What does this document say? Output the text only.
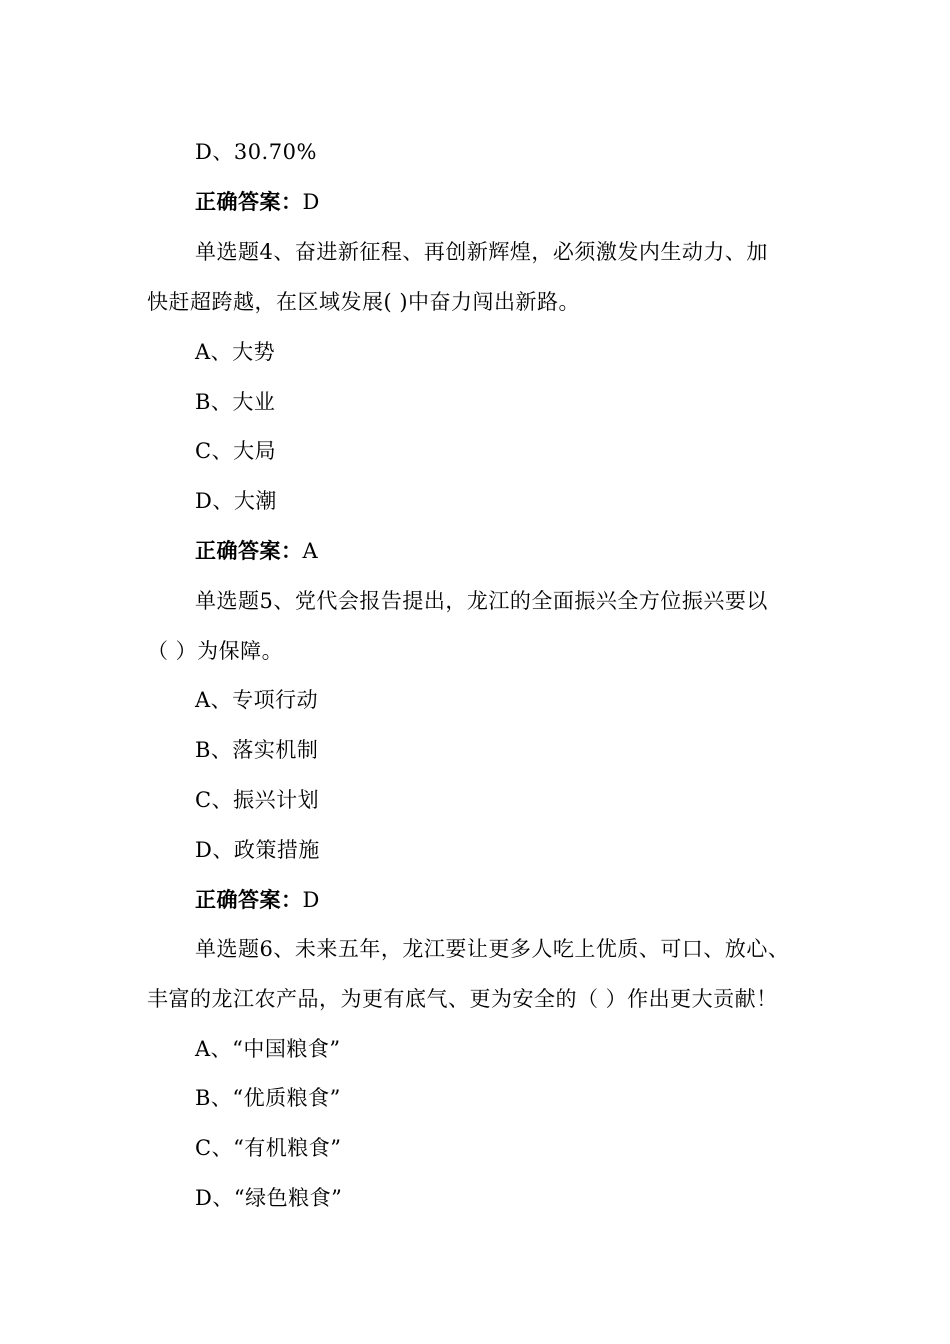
D、30.70%
正确答案：D
单选题4、奋进新征程、再创新辉煌，必须激发内生动力、加
快赶超跨越，在区域发展( )中奋力闯出新路。
A、大势
B、大业
C、大局
D、大潮
正确答案：A
单选题5、党代会报告提出，龙江的全面振兴全方位振兴要以
（ ）为保障。
A、专项行动
B、落实机制
C、振兴计划
D、政策措施
正确答案：D
单选题6、未来五年，龙江要让更多人吃上优质、可口、放心、
丰富的龙江农产品，为更有底气、更为安全的（ ）作出更大贡献！
A、“中国粮食”
B、“优质粮食”
C、“有机粮食”
D、“绿色粮食”
